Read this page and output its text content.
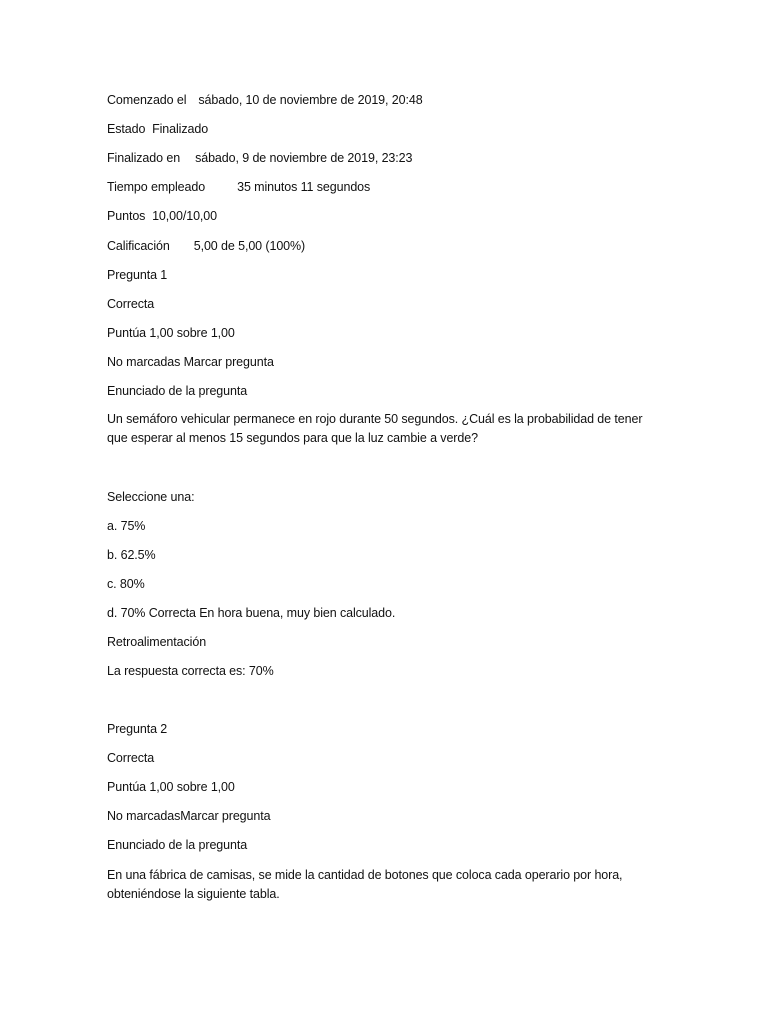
Comenzado el sábado, 10 de noviembre de 2019, 20:48
Estado Finalizado
Finalizado en sábado, 9 de noviembre de 2019, 23:23
Tiempo empleado	35 minutos 11 segundos
Puntos 10,00/10,00
Calificación 5,00 de 5,00 (100%)
Pregunta 1
Correcta
Puntúa 1,00 sobre 1,00
No marcadas Marcar pregunta
Enunciado de la pregunta
Un semáforo vehicular permanece en rojo durante 50 segundos. ¿Cuál es la probabilidad de tener
que esperar al menos 15 segundos para que la luz cambie a verde?
Seleccione una:
a. 75%
b. 62.5%
c. 80%
d. 70% Correcta En hora buena, muy bien calculado.
Retroalimentación
La respuesta correcta es: 70%
Pregunta 2
Correcta
Puntúa 1,00 sobre 1,00
No marcadasMarcar pregunta
Enunciado de la pregunta
En una fábrica de camisas, se mide la cantidad de botones que coloca cada operario por hora,
obteniéndose la siguiente tabla.
